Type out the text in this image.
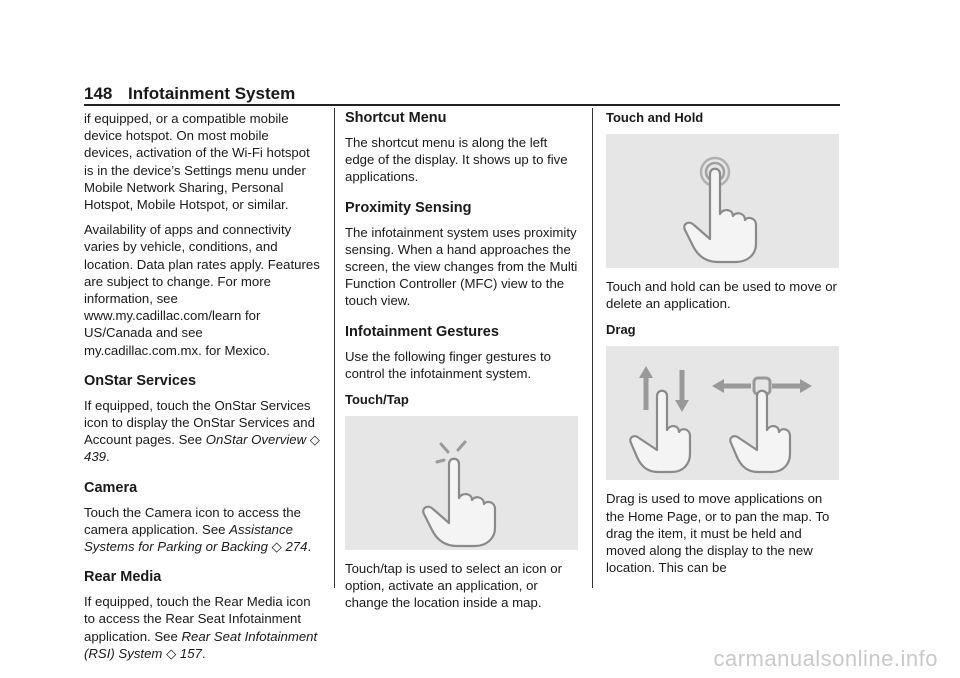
148 Infotainment System

if equipped, or a compatible mobile device hotspot. On most mobile devices, activation of the Wi-Fi hotspot is in the device’s Settings menu under Mobile Network Sharing, Personal Hotspot, Mobile Hotspot, or similar.

Availability of apps and connectivity varies by vehicle, conditions, and location. Data plan rates apply. Features are subject to change. For more information, see www.my.cadillac.com/learn for US/Canada and see my.cadillac.com.mx. for Mexico.

OnStar Services

If equipped, touch the OnStar Services icon to display the OnStar Services and Account pages. See OnStar Overview ◇ 439.

Camera

Touch the Camera icon to access the camera application. See Assistance Systems for Parking or Backing ◇ 274.

Rear Media

If equipped, touch the Rear Media icon to access the Rear Seat Infotainment application. See Rear Seat Infotainment (RSI) System ◇ 157.

Shortcut Menu

The shortcut menu is along the left edge of the display. It shows up to five applications.

Proximity Sensing

The infotainment system uses proximity sensing. When a hand approaches the screen, the view changes from the Multi Function Controller (MFC) view to the touch view.

Infotainment Gestures

Use the following finger gestures to control the infotainment system.

Touch/Tap

Touch/tap is used to select an icon or option, activate an application, or change the location inside a map.

Touch and Hold

Touch and hold can be used to move or delete an application.

Drag

Drag is used to move applications on the Home Page, or to pan the map. To drag the item, it must be held and moved along the display to the new location. This can be

carmanualsonline.info
